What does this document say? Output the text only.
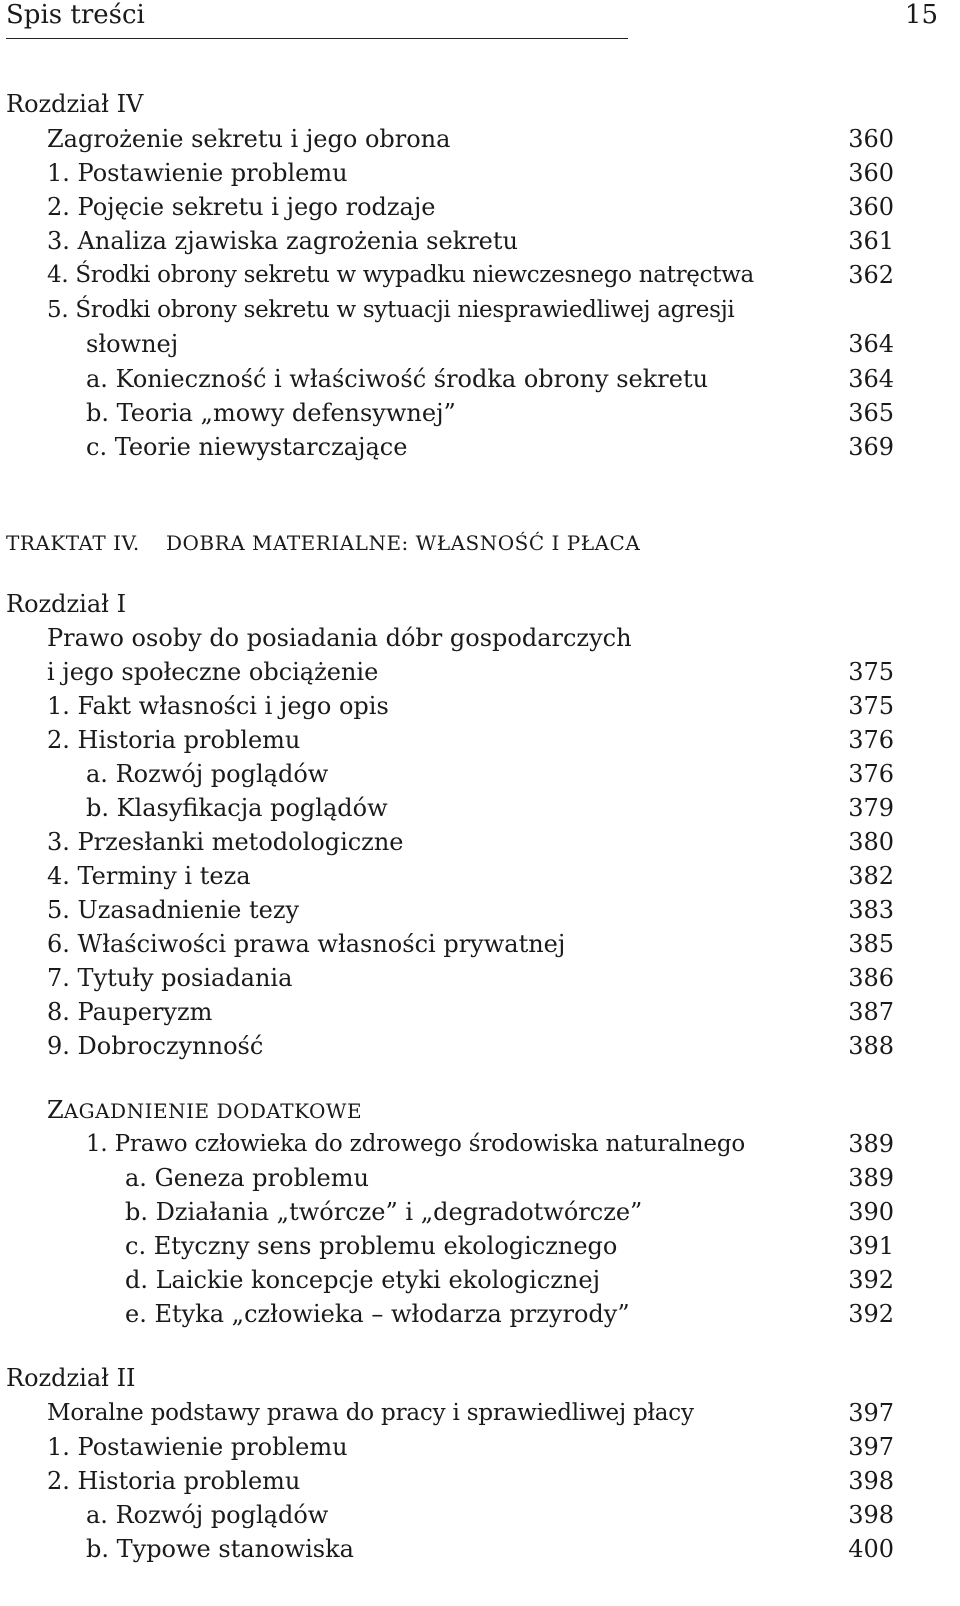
Spis treści	15
Rozdział IV
Zagrożenie sekretu i jego obrona	360
1. Postawienie problemu	360
2. Pojęcie sekretu i jego rodzaje	360
3. Analiza zjawiska zagrożenia sekretu	361
4. Środki obrony sekretu w wypadku niewczesnego natręctwa	362
5. Środki obrony sekretu w sytuacji niesprawiedliwej agresji
słownej	364
a. Konieczność i właściwość środka obrony sekretu	364
b. Teoria „mowy defensywnej”	365
c. Teorie niewystarczające	369
TRAKTAT IV. DOBRA MATERIALNE: WŁASNOŚĆ I PŁACA
Rozdział I
Prawo osoby do posiadania dóbr gospodarczych
i jego społeczne obciążenie	375
1. Fakt własności i jego opis	375
2. Historia problemu	376
a. Rozwój poglądów	376
b. Klasyfikacja poglądów	379
3. Przesłanki metodologiczne	380
4. Terminy i teza	382
5. Uzasadnienie tezy	383
6. Właściwości prawa własności prywatnej	385
7. Tytuły posiadania	386
8. Pauperyzm	387
9. Dobroczynność	388
ZAGADNIENIE DODATKOWE
1. Prawo człowieka do zdrowego środowiska naturalnego	389
a. Geneza problemu	389
b. Działania „twórcze” i „degradotwórcze”	390
c. Etyczny sens problemu ekologicznego	391
d. Laickie koncepcje etyki ekologicznej	392
e. Etyka „człowieka – włodarza przyrody”	392
Rozdział II
Moralne podstawy prawa do pracy i sprawiedliwej płacy	397
1. Postawienie problemu	397
2. Historia problemu	398
a. Rozwój poglądów	398
b. Typowe stanowiska	400
